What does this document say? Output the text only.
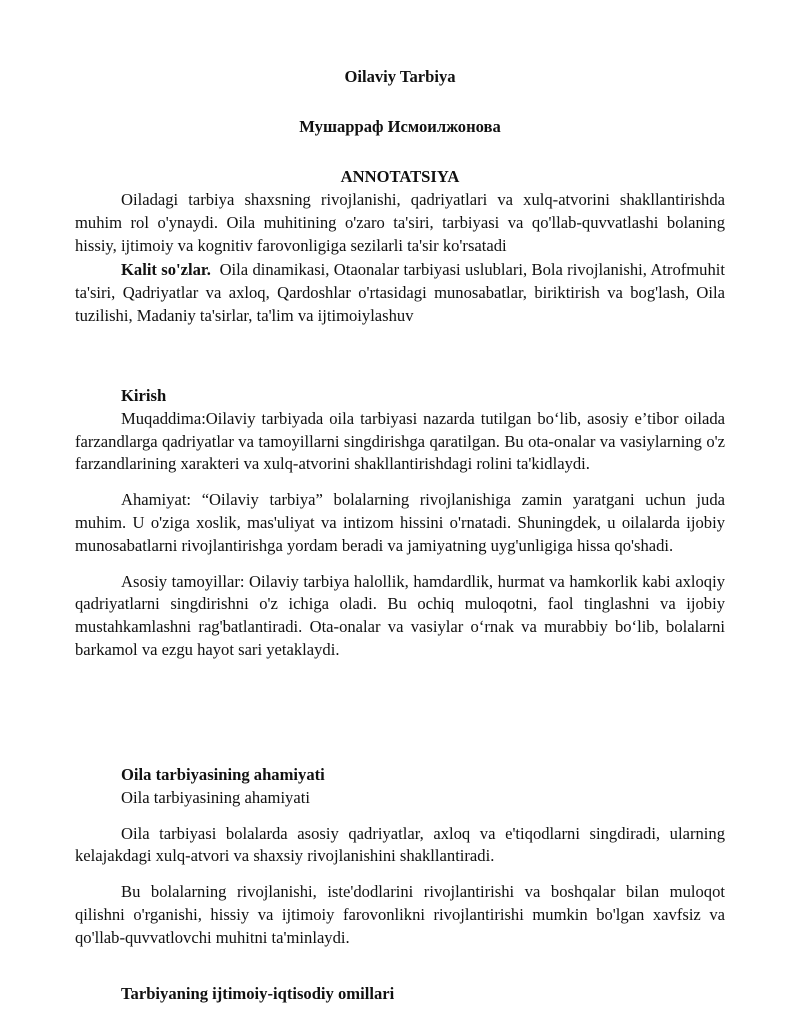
Oilaviy Tarbiya
Мушарраф Исмоилжонова
ANNOTATSIYA

Oiladagi tarbiya shaxsning rivojlanishi, qadriyatlari va xulq-atvorini shakllantirishda muhim rol o'ynaydi. Oila muhitining o'zaro ta'siri, tarbiyasi va qo'llab-quvvatlashi bolaning hissiy, ijtimoiy va kognitiv farovonligiga sezilarli ta'sir ko'rsatadi

Kalit so'zlar. Oila dinamikasi, Otaonalar tarbiyasi uslublari, Bola rivojlanishi, Atrofmuhit ta'siri, Qadriyatlar va axloq, Qardoshlar o'rtasidagi munosabatlar, biriktirish va bog'lash, Oila tuzilishi, Madaniy ta'sirlar, ta'lim va ijtimoiylashuv

Kirish

Muqaddima:Oilaviy tarbiyada oila tarbiyasi nazarda tutilgan bo‘lib, asosiy e’tibor oilada farzandlarga qadriyatlar va tamoyillarni singdirishga qaratilgan. Bu ota-onalar va vasiylarning o'z farzandlarining xarakteri va xulq-atvorini shakllantirishdagi rolini ta'kidlaydi.

Ahamiyat: “Oilaviy tarbiya” bolalarning rivojlanishiga zamin yaratgani uchun juda muhim. U o'ziga xoslik, mas'uliyat va intizom hissini o'rnatadi. Shuningdek, u oilalarda ijobiy munosabatlarni rivojlantirishga yordam beradi va jamiyatning uyg'unligiga hissa qo'shadi.

Asosiy tamoyillar: Oilaviy tarbiya halollik, hamdardlik, hurmat va hamkorlik kabi axloqiy qadriyatlarni singdirishni o'z ichiga oladi. Bu ochiq muloqotni, faol tinglashni va ijobiy mustahkamlashni rag'batlantiradi. Ota-onalar va vasiylar o‘rnak va murabbiy bo‘lib, bolalarni barkamol va ezgu hayot sari yetaklaydi.

Oila tarbiyasining ahamiyati
Oila tarbiyasining ahamiyati

Oila tarbiyasi bolalarda asosiy qadriyatlar, axloq va e'tiqodlarni singdiradi, ularning kelajakdagi xulq-atvori va shaxsiy rivojlanishini shakllantiradi.

Bu bolalarning rivojlanishi, iste'dodlarini rivojlantirishi va boshqalar bilan muloqot qilishni o'rganishi, hissiy va ijtimoiy farovonlikni rivojlantirishi mumkin bo'lgan xavfsiz va qo'llab-quvvatlovchi muhitni ta'minlaydi.

Tarbiyaning ijtimoiy-iqtisodiy omillari
